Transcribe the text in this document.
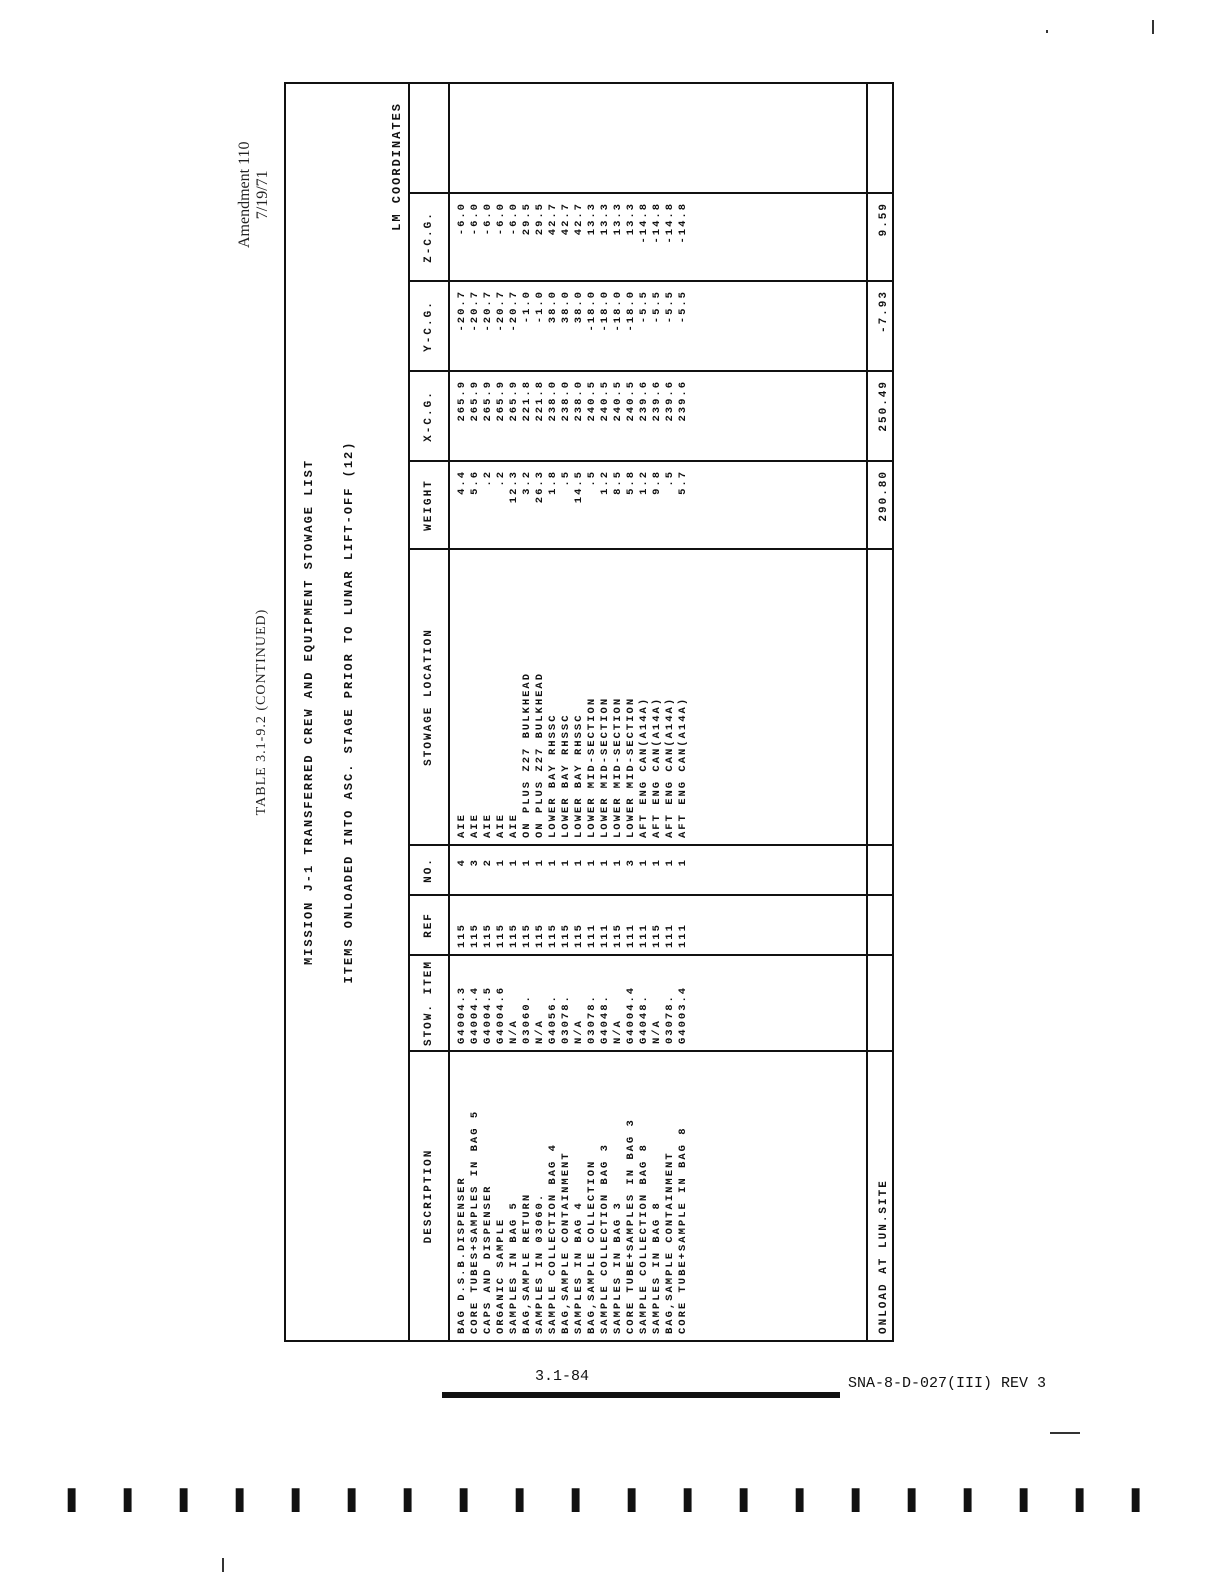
Amendment 110 7/19/71
TABLE 3.1-9.2 (CONTINUED)	MISSION J-1 TRANSFERRED CREW AND EQUIPMENT STOWAGE LIST ITEMS ONLOADED INTO ASC. STAGE PRIOR TO LUNAR LIFT-OFF (12)
LM COORDINATES
DESCRIPTION
STOW. ITEM
REF
NO.
STOWAGE LOCATION
WEIGHT
X-C.G.
Y-C.G.
Z-C.G.
BAG D.S.B.DISPENSER
G4004.3
115
4
AIE
4.4
265.9
-20.7
-6.0
CORE TUBES+SAMPLES IN BAG 5
G4004.4
115
3
AIE
5.6
265.9
-20.7
-6.0
CAPS AND DISPENSER
G4004.5
115
2
AIE
.2
265.9
-20.7
-6.0
ORGANIC SAMPLE
G4004.6
115
1
AIE
.2
265.9
-20.7
-6.0
SAMPLES IN BAG 5
N/A
115
1
AIE
12.3
265.9
-20.7
-6.0
BAG,SAMPLE RETURN
03060.
115
1
ON PLUS Z27 BULKHEAD
3.2
221.8
-1.0
29.5
SAMPLES IN 03060.
N/A
115
1
ON PLUS Z27 BULKHEAD
26.3
221.8
-1.0
29.5
SAMPLE COLLECTION BAG 4
G4056.
115
1
LOWER BAY RHSSC
1.8
238.0
38.0
42.7
BAG,SAMPLE CONTAINMENT
03078.
115
1
LOWER BAY RHSSC
.5
238.0
38.0
42.7
SAMPLES IN BAG 4
N/A
115
1
LOWER BAY RHSSC
14.5
238.0
38.0
42.7
BAG,SAMPLE COLLECTION
03078.
111
1
LOWER MID-SECTION
.5
240.5
-18.0
13.3
SAMPLE COLLECTION BAG 3
G4048.
111
1
LOWER MID-SECTION
1.2
240.5
-18.0
13.3
SAMPLES IN BAG 3
N/A
115
1
LOWER MID-SECTION
8.5
240.5
-18.0
13.3
CORE TUBE+SAMPLES IN BAG 3
G4004.4
111
3
LOWER MID-SECTION
5.8
240.5
-18.0
13.3
SAMPLE COLLECTION BAG 8
G4048.
111
1
AFT ENG CAN(A14A)
1.2
239.6
-5.5
-14.8
SAMPLES IN BAG 8
N/A
115
1
AFT ENG CAN(A14A)
9.8
239.6
-5.5
-14.8
BAG,SAMPLE CONTAINMENT
03078.
111
1
AFT ENG CAN(A14A)
.5
239.6
-5.5
-14.8
CORE TUBE+SAMPLE IN BAG 8
G4003.4
111
1
AFT ENG CAN(A14A)
5.7
239.6
-5.5
-14.8
ONLOAD AT LUN.SITE
290.80
250.49
-7.93
9.59
3.1-84	SNA-8-D-027(III) REV 3
▌ ▌ ▌ ▌ ▌ ▌ ▌ ▌ ▌ ▌ ▌ ▌ ▌ ▌ ▌ ▌ ▌ ▌ ▌ ▌
